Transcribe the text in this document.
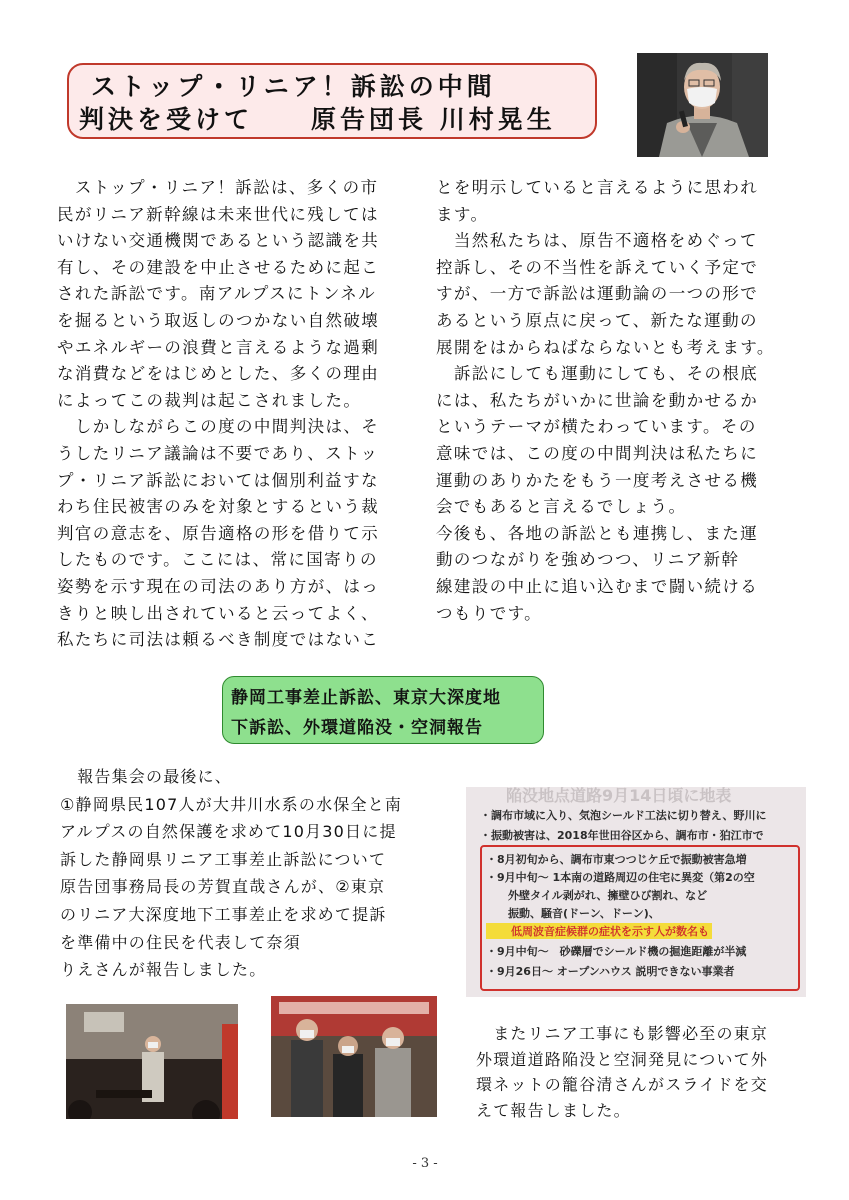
ストップ・リニア！訴訟の中間
判決を受けて　　原告団長 川村晃生

　ストップ・リニア！訴訟は、多くの市

民がリニア新幹線は未来世代に残しては

いけない交通機関であるという認識を共

有し、その建設を中止させるために起こ

された訴訟です。南アルプスにトンネル

を掘るという取返しのつかない自然破壊

やエネルギーの浪費と言えるような過剰

な消費などをはじめとした、多くの理由

によってこの裁判は起こされました。

　しかしながらこの度の中間判決は、そ

うしたリニア議論は不要であり、ストッ

プ・リニア訴訟においては個別利益すな

わち住民被害のみを対象とするという裁

判官の意志を、原告適格の形を借りて示

したものです。ここには、常に国寄りの

姿勢を示す現在の司法のあり方が、はっ

きりと映し出されていると云ってよく、

私たちに司法は頼るべき制度ではないこ

とを明示していると言えるように思われ

ます。

　当然私たちは、原告不適格をめぐって

控訴し、その不当性を訴えていく予定で

すが、一方で訴訟は運動論の一つの形で

あるという原点に戻って、新たな運動の

展開をはからねばならないとも考えます。

　訴訟にしても運動にしても、その根底

には、私たちがいかに世論を動かせるか

というテーマが横たわっています。その

意味では、この度の中間判決は私たちに

運動のありかたをもう一度考えさせる機

会でもあると言えるでしょう。

今後も、各地の訴訟とも連携し、また運

動のつながりを強めつつ、リニア新幹

線建設の中止に追い込むまで闘い続ける

つもりです。

静岡工事差止訴訟、東京大深度地
下訴訟、外環道陥没・空洞報告

　報告集会の最後に、

①静岡県民107人が大井川水系の水保全と南

アルプスの自然保護を求めて10月30日に提

訴した静岡県リニア工事差止訴訟について

原告団事務局長の芳賀直哉さんが、②東京

のリニア大深度地下工事差止を求めて提訴

を準備中の住民を代表して奈須

りえさんが報告しました。

陥没地点道路9月14日頃に地表
・調布市域に入り、気泡シールド工法に切り替え、野川に
・振動被害は、2018年世田谷区から、調布市・狛江市で
・8月初旬から、調布市東つつじケ丘で振動被害急増
・9月中旬～ 1本南の道路周辺の住宅に異変（第2の空
　　外壁タイル剥がれ、擁壁ひび割れ、など
　　振動、騒音(ドーン、ドーン)、
　　低周波音症候群の症状を示す人が数名も
・9月中旬～　砂礫層でシールド機の掘進距離が半減
・9月26日～ オープンハウス 説明できない事業者

　またリニア工事にも影響必至の東京

外環道道路陥没と空洞発見について外

環ネットの籠谷清さんがスライドを交

えて報告しました。

- 3 -
